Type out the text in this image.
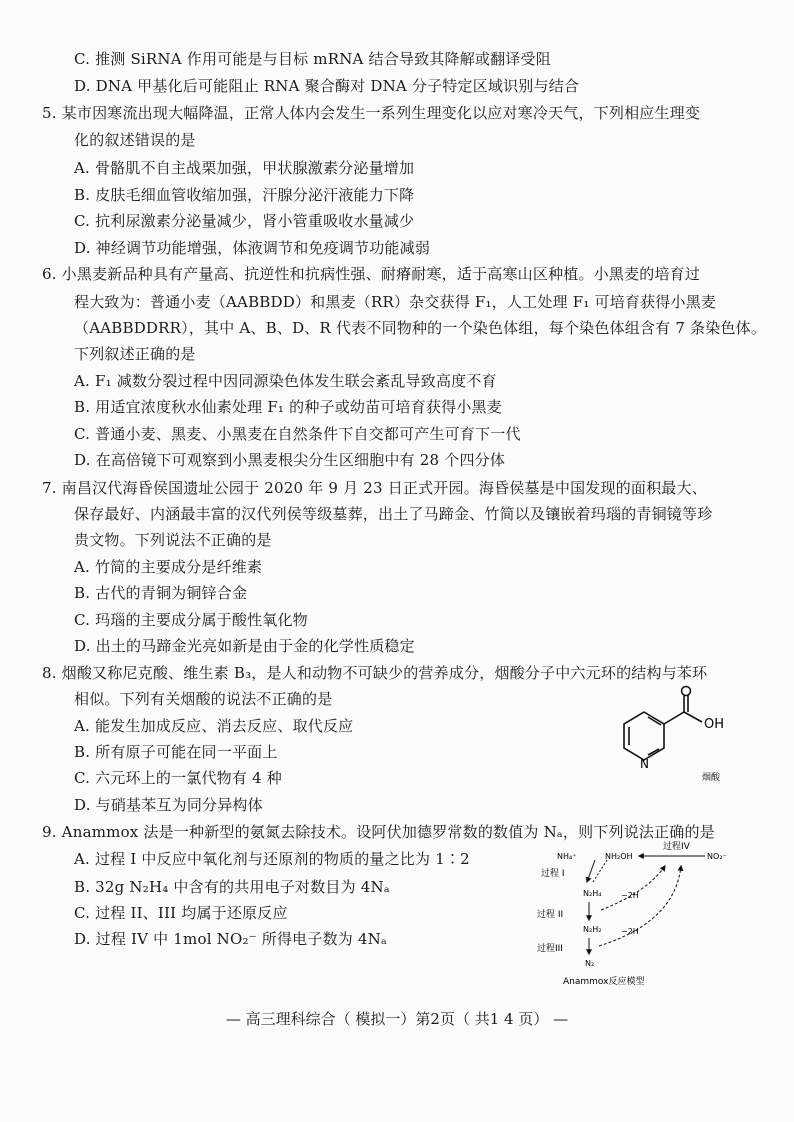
C. 推测 SiRNA 作用可能是与目标 mRNA 结合导致其降解或翻译受阻
D. DNA 甲基化后可能阻止 RNA 聚合酶对 DNA 分子特定区域识别与结合
5. 某市因寒流出现大幅降温，正常人体内会发生一系列生理变化以应对寒冷天气，下列相应生理变
化的叙述错误的是
A. 骨骼肌不自主战栗加强，甲状腺激素分泌量增加
B. 皮肤毛细血管收缩加强，汗腺分泌汗液能力下降
C. 抗利尿激素分泌量减少，肾小管重吸收水量减少
D. 神经调节功能增强，体液调节和免疫调节功能减弱
6. 小黑麦新品种具有产量高、抗逆性和抗病性强、耐瘠耐寒，适于高寒山区种植。小黑麦的培育过
程大致为：普通小麦（AABBDD）和黑麦（RR）杂交获得 F₁，人工处理 F₁ 可培育获得小黑麦
（AABBDDRR），其中 A、B、D、R 代表不同物种的一个染色体组，每个染色体组含有 7 条染色体。
下列叙述正确的是
A. F₁ 减数分裂过程中因同源染色体发生联会紊乱导致高度不育
B. 用适宜浓度秋水仙素处理 F₁ 的种子或幼苗可培育获得小黑麦
C. 普通小麦、黑麦、小黑麦在自然条件下自交都可产生可育下一代
D. 在高倍镜下可观察到小黑麦根尖分生区细胞中有 28 个四分体
7. 南昌汉代海昏侯国遗址公园于 2020 年 9 月 23 日正式开园。海昏侯墓是中国发现的面积最大、
保存最好、内涵最丰富的汉代列侯等级墓葬，出土了马蹄金、竹简以及镶嵌着玛瑙的青铜镜等珍
贵文物。下列说法不正确的是
A. 竹简的主要成分是纤维素
B. 古代的青铜为铜锌合金
C. 玛瑙的主要成分属于酸性氧化物
D. 出土的马蹄金光亮如新是由于金的化学性质稳定
8. 烟酸又称尼克酸、维生素 B₃，是人和动物不可缺少的营养成分，烟酸分子中六元环的结构与苯环
相似。下列有关烟酸的说法不正确的是
A. 能发生加成反应、消去反应、取代反应
B. 所有原子可能在同一平面上
C. 六元环上的一氯代物有 4 种
D. 与硝基苯互为同分异构体
9. Anammox 法是一种新型的氨氮去除技术。设阿伏加德罗常数的数值为 Nₐ，则下列说法正确的是
A. 过程 I 中反应中氧化剂与还原剂的物质的量之比为 1∶2
B. 32g N₂H₄ 中含有的共用电子对数目为 4Nₐ
C. 过程 II、III 均属于还原反应
D. 过程 IV 中 1mol NO₂⁻ 所得电子数为 4Nₐ
OH
N
烟酸
NH₄⁺	NH₂OH
过程IV
NO₂⁻
过程 I
N₂H₄ −2H
过程 II
N₂H₂ −2H
过程III
N₂
Anammox反应模型
— 高三理科综合（ 模拟一）第2页（ 共1 4 页） —
